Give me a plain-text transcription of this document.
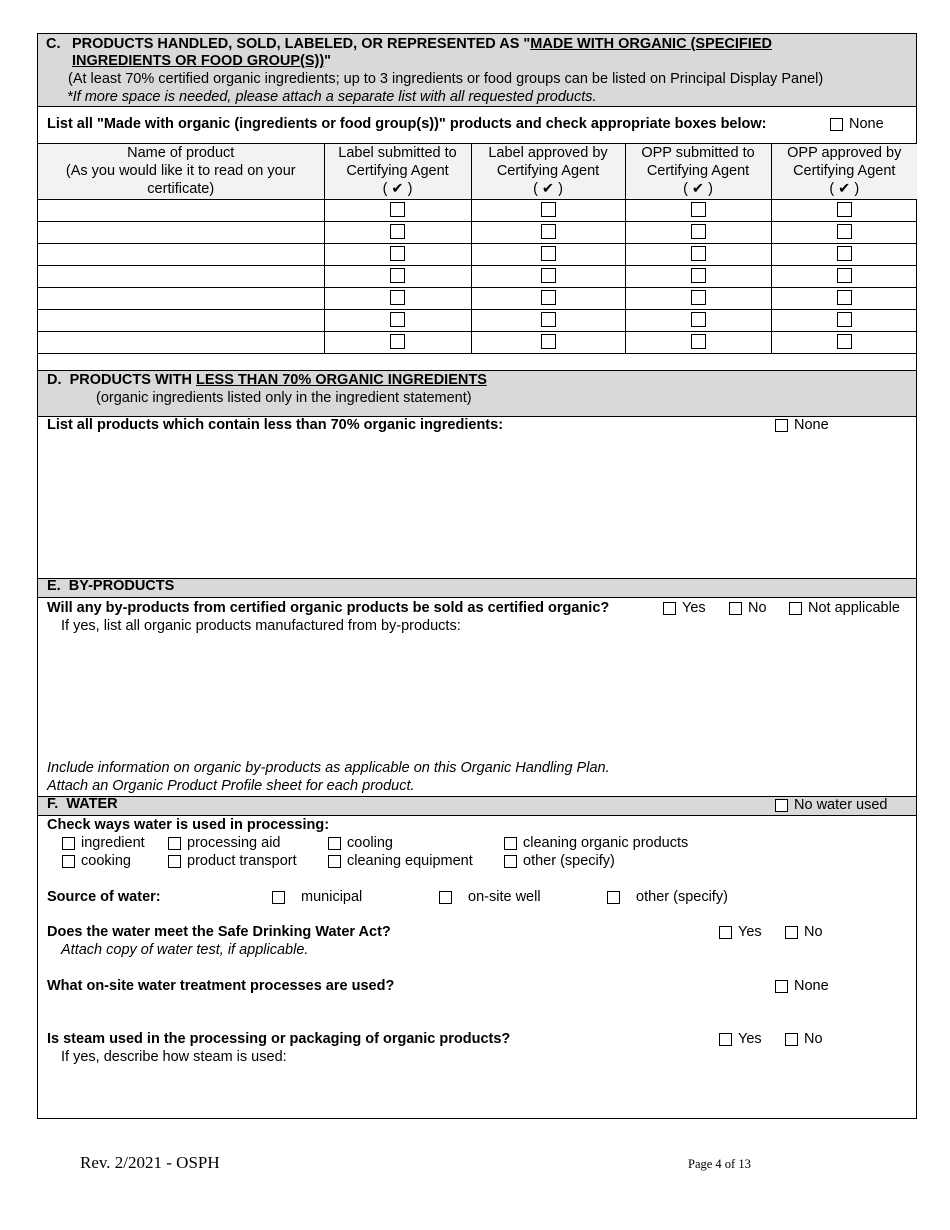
C. PRODUCTS HANDLED, SOLD, LABELED, OR REPRESENTED AS "MADE WITH ORGANIC (SPECIFIED
INGREDIENTS OR FOOD GROUP(S))"
(At least 70% certified organic ingredients; up to 3 ingredients or food groups can be listed on Principal Display Panel)
*If more space is needed, please attach a separate list with all requested products.
List all "Made with organic (ingredients or food group(s))" products and check appropriate boxes below:	None
Name of product
(As you would like it to read on your
certificate)	Label submitted to
Certifying Agent
( ✔ )	Label approved by
Certifying Agent
( ✔ )	OPP submitted to
Certifying Agent
( ✔ )	OPP approved by
Certifying Agent
( ✔ )

D. PRODUCTS WITH LESS THAN 70% ORGANIC INGREDIENTS
(organic ingredients listed only in the ingredient statement)
List all products which contain less than 70% organic ingredients:	None
E. BY-PRODUCTS
Will any by-products from certified organic products be sold as certified organic?	Yes	No	Not applicable
If yes, list all organic products manufactured from by-products:
Include information on organic by-products as applicable on this Organic Handling Plan.
Attach an Organic Product Profile sheet for each product.
F. WATER	No water used
Check ways water is used in processing:
ingredient	processing aid	cooling	cleaning organic products
cooking	product transport	cleaning equipment	other (specify)
Source of water:
	municipal
	on-site well
	other (specify)
Does the water meet the Safe Drinking Water Act?
Attach copy of water test, if applicable.
Yes	No
What on-site water treatment processes are used?	None
Is steam used in the processing or packaging of organic products?
If yes, describe how steam is used:
Yes	No
Rev. 2/2021 - OSPH	Page 4 of 13
